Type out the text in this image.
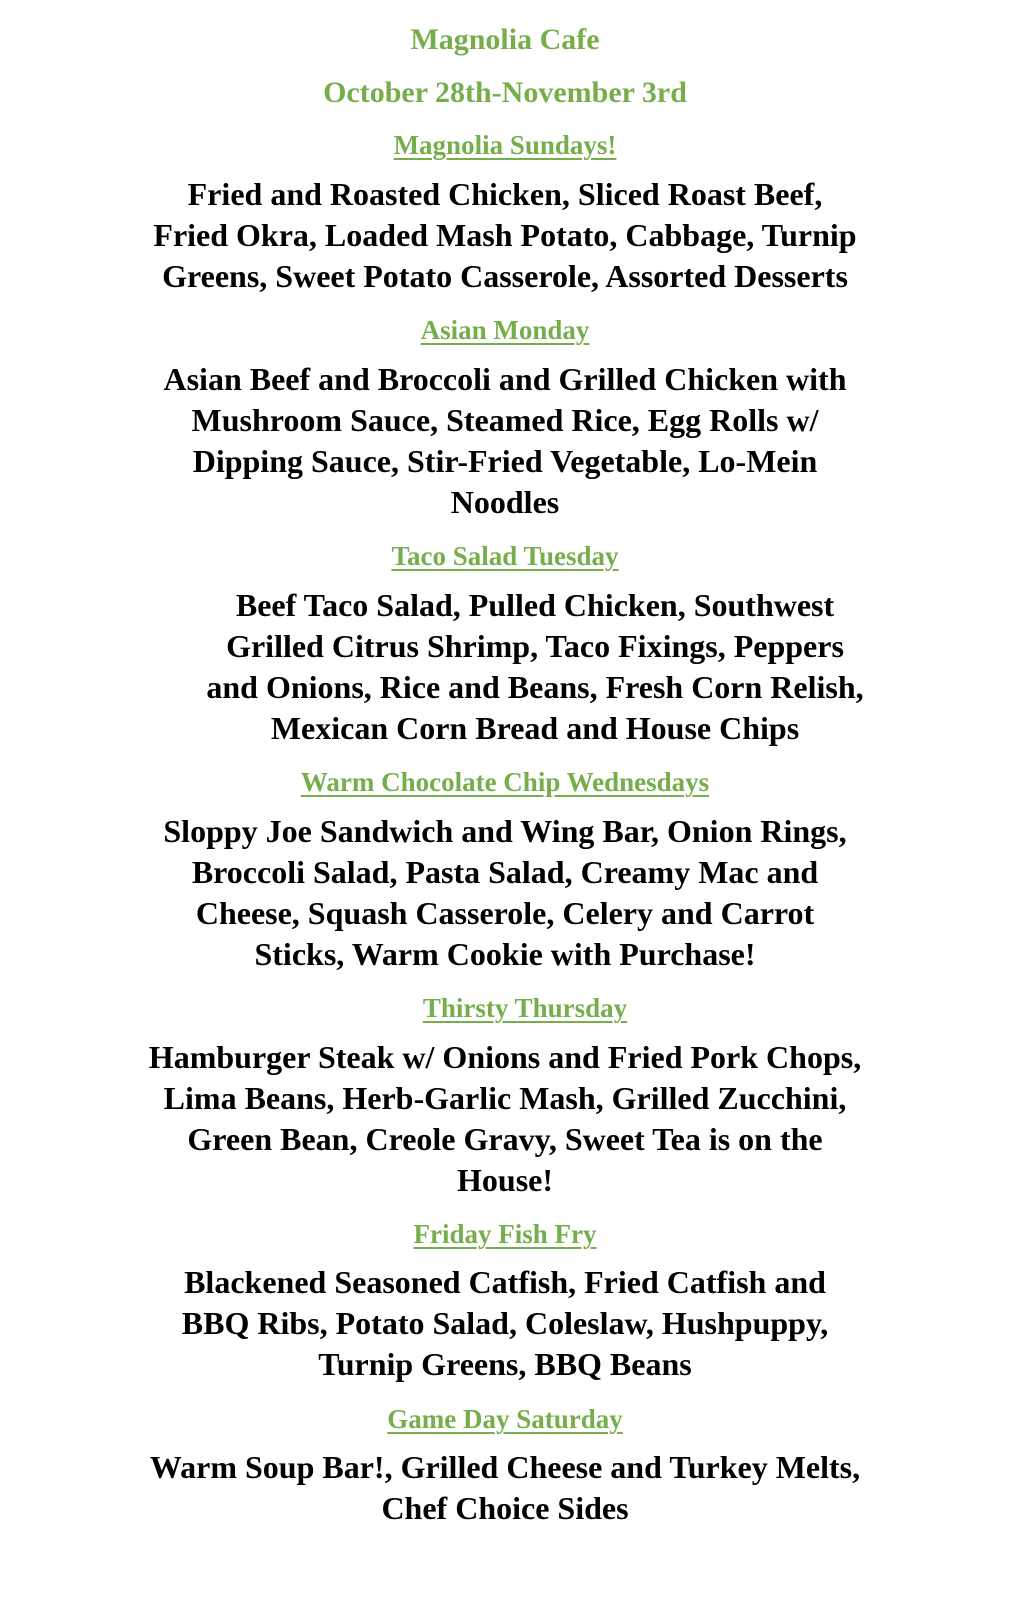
Magnolia Cafe
October 28th-November 3rd
Magnolia Sundays!
Fried and Roasted Chicken, Sliced Roast Beef,
Fried Okra, Loaded Mash Potato, Cabbage, Turnip
Greens, Sweet Potato Casserole, Assorted Desserts
Asian Monday
Asian Beef and Broccoli and Grilled Chicken with
Mushroom Sauce, Steamed Rice, Egg Rolls w/
Dipping Sauce, Stir-Fried Vegetable, Lo-Mein
Noodles
Taco Salad Tuesday
Beef Taco Salad, Pulled Chicken, Southwest
Grilled Citrus Shrimp, Taco Fixings, Peppers
and Onions, Rice and Beans, Fresh Corn Relish,
Mexican Corn Bread and House Chips
Warm Chocolate Chip Wednesdays
Sloppy Joe Sandwich and Wing Bar, Onion Rings,
Broccoli Salad, Pasta Salad, Creamy Mac and
Cheese, Squash Casserole, Celery and Carrot
Sticks, Warm Cookie with Purchase!
Thirsty Thursday
Hamburger Steak w/ Onions and Fried Pork Chops,
Lima Beans, Herb-Garlic Mash, Grilled Zucchini,
Green Bean, Creole Gravy, Sweet Tea is on the
House!
Friday Fish Fry
Blackened Seasoned Catfish, Fried Catfish and
BBQ Ribs, Potato Salad, Coleslaw, Hushpuppy,
Turnip Greens, BBQ Beans
Game Day Saturday
Warm Soup Bar!, Grilled Cheese and Turkey Melts,
Chef Choice Sides
